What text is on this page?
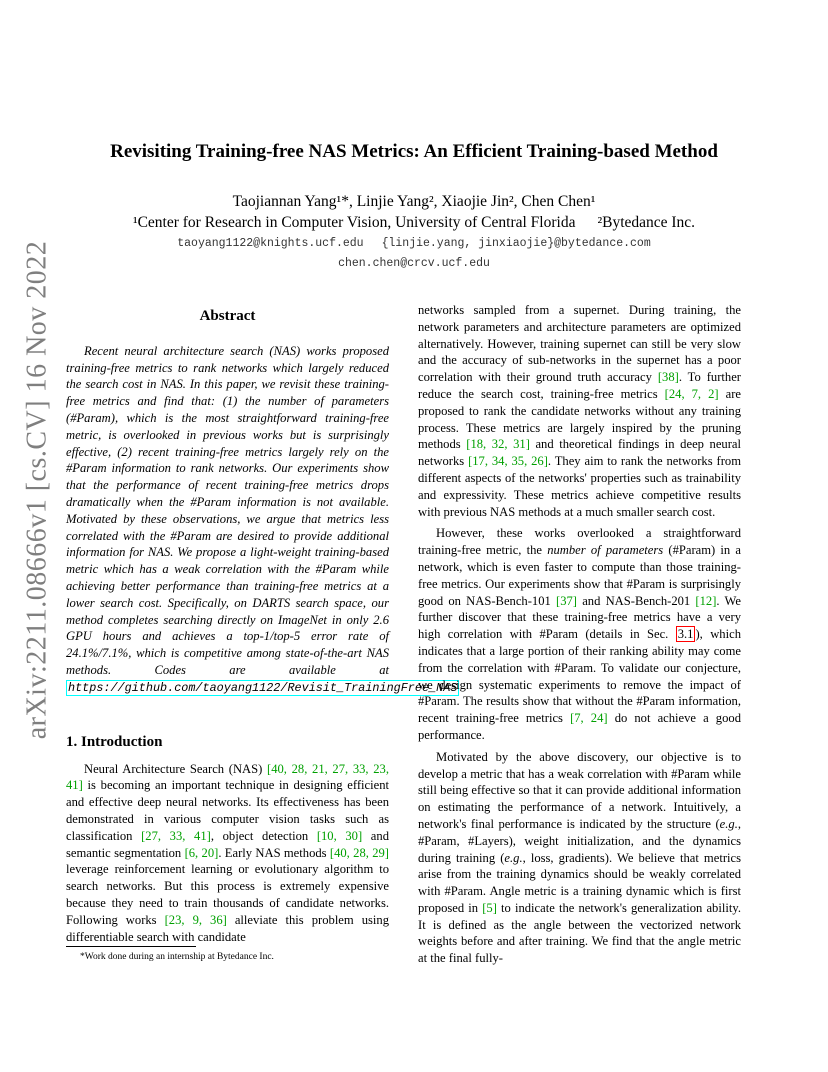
arXiv:2211.08666v1 [cs.CV] 16 Nov 2022
Revisiting Training-free NAS Metrics: An Efficient Training-based Method
Taojiannan Yang¹*, Linjie Yang², Xiaojie Jin², Chen Chen¹
¹Center for Research in Computer Vision, University of Central Florida ²Bytedance Inc.
taoyang1122@knights.ucf.edu {linjie.yang, jinxiaojie}@bytedance.com
chen.chen@crcv.ucf.edu
Abstract

Recent neural architecture search (NAS) works proposed training-free metrics to rank networks which largely reduced the search cost in NAS. In this paper, we revisit these training-free metrics and find that: (1) the number of parameters (#Param), which is the most straightforward training-free metric, is overlooked in previous works but is surprisingly effective, (2) recent training-free metrics largely rely on the #Param information to rank networks. Our experiments show that the performance of recent training-free metrics drops dramatically when the #Param information is not available. Motivated by these observations, we argue that metrics less correlated with the #Param are desired to provide additional information for NAS. We propose a light-weight training-based metric which has a weak correlation with the #Param while achieving better performance than training-free metrics at a lower search cost. Specifically, on DARTS search space, our method completes searching directly on ImageNet in only 2.6 GPU hours and achieves a top-1/top-5 error rate of 24.1%/7.1%, which is competitive among state-of-the-art NAS methods. Codes are available at https://github.com/taoyang1122/Revisit_TrainingFree_NAS

1. Introduction

Neural Architecture Search (NAS) [40, 28, 21, 27, 33, 23, 41] is becoming an important technique in designing efficient and effective deep neural networks. Its effectiveness has been demonstrated in various computer vision tasks such as classification [27, 33, 41], object detection [10, 30] and semantic segmentation [6, 20]. Early NAS methods [40, 28, 29] leverage reinforcement learning or evolutionary algorithm to search networks. But this process is extremely expensive because they need to train thousands of candidate networks. Following works [23, 9, 36] alleviate this problem using differentiable search with candidate

networks sampled from a supernet. During training, the network parameters and architecture parameters are optimized alternatively. However, training supernet can still be very slow and the accuracy of sub-networks in the supernet has a poor correlation with their ground truth accuracy [38]. To further reduce the search cost, training-free metrics [24, 7, 2] are proposed to rank the candidate networks without any training process. These metrics are largely inspired by the pruning methods [18, 32, 31] and theoretical findings in deep neural networks [17, 34, 35, 26]. They aim to rank the networks from different aspects of the networks' properties such as trainability and expressivity. These metrics achieve competitive results with previous NAS methods at a much smaller search cost.

However, these works overlooked a straightforward training-free metric, the number of parameters (#Param) in a network, which is even faster to compute than those training-free metrics. Our experiments show that #Param is surprisingly good on NAS-Bench-101 [37] and NAS-Bench-201 [12]. We further discover that these training-free metrics have a very high correlation with #Param (details in Sec. 3.1 ), which indicates that a large portion of their ranking ability may come from the correlation with #Param. To validate our conjecture, we design systematic experiments to remove the impact of #Param. The results show that without the #Param information, recent training-free metrics [7, 24] do not achieve a good performance.

Motivated by the above discovery, our objective is to develop a metric that has a weak correlation with #Param while still being effective so that it can provide additional information on estimating the performance of a network. Intuitively, a network's final performance is indicated by the structure (e.g., #Param, #Layers), weight initialization, and the dynamics during training (e.g., loss, gradients). We believe that metrics arise from the training dynamics should be weakly correlated with #Param. Angle metric is a training dynamic which is first proposed in [5] to indicate the network's generalization ability. It is defined as the angle between the vectorized network weights before and after training. We find that the angle metric at the final fully-

*Work done during an internship at Bytedance Inc.
